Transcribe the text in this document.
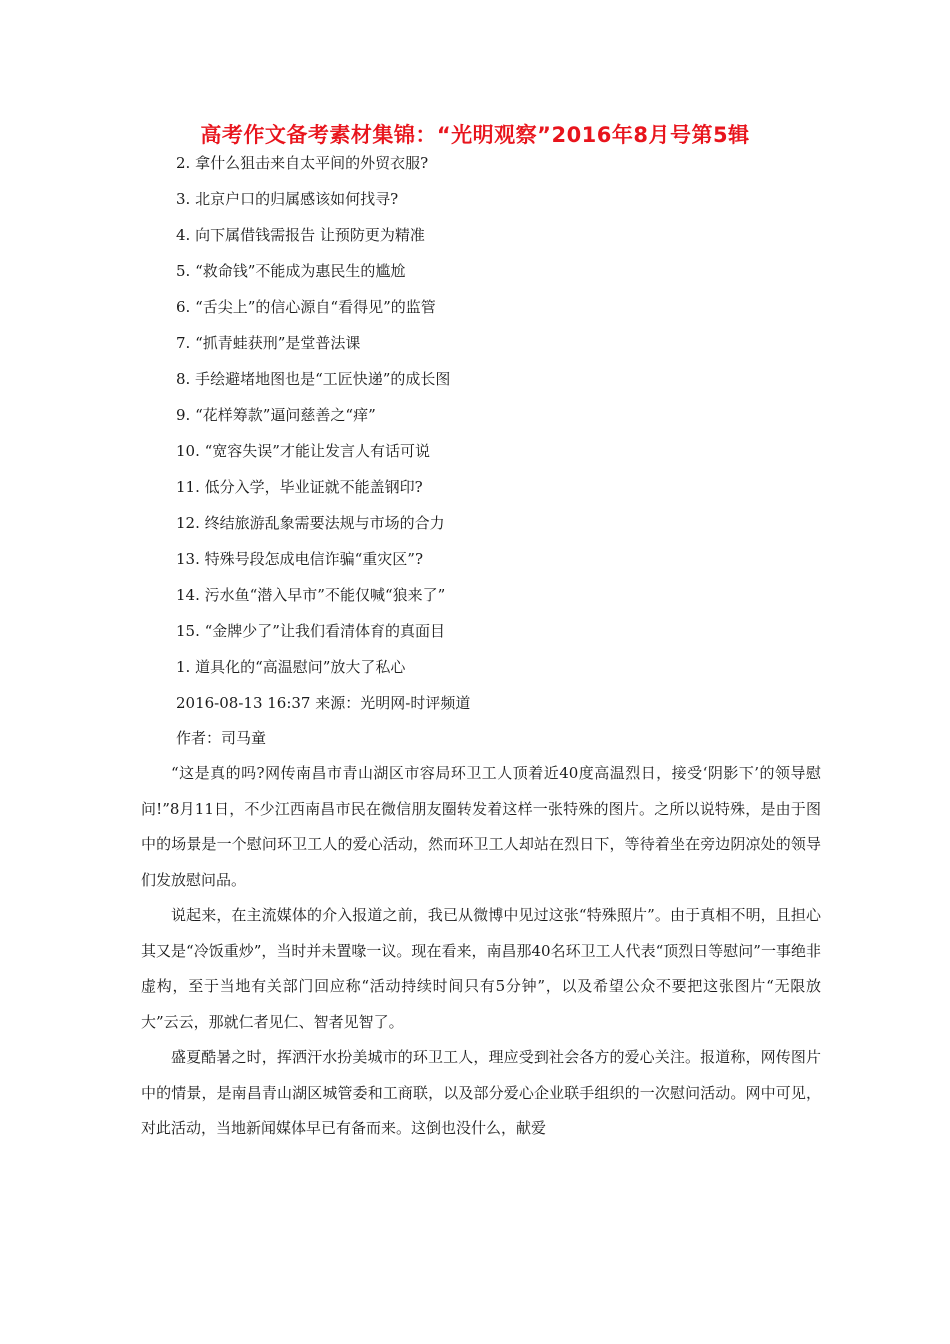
高考作文备考素材集锦：“光明观察”2016年8月号第5辑
2. 拿什么狙击来自太平间的外贸衣服?
3. 北京户口的归属感该如何找寻?
4. 向下属借钱需报告 让预防更为精准
5. “救命钱”不能成为惠民生的尴尬
6. “舌尖上”的信心源自“看得见”的监管
7. “抓青蛙获刑”是堂普法课
8. 手绘避堵地图也是“工匠快递”的成长图
9. “花样筹款”逼问慈善之“痒”
10. “宽容失误”才能让发言人有话可说
11. 低分入学，毕业证就不能盖钢印?
12. 终结旅游乱象需要法规与市场的合力
13. 特殊号段怎成电信诈骗“重灾区”?
14. 污水鱼“潜入早市”不能仅喊“狼来了”
15. “金牌少了”让我们看清体育的真面目
1. 道具化的“高温慰问”放大了私心
2016-08-13 16:37 来源：光明网-时评频道
作者：司马童

“这是真的吗?网传南昌市青山湖区市容局环卫工人顶着近40度高温烈日，接受‘阴影下’的领导慰问!”8月11日，不少江西南昌市民在微信朋友圈转发着这样一张特殊的图片。之所以说特殊，是由于图中的场景是一个慰问环卫工人的爱心活动，然而环卫工人却站在烈日下，等待着坐在旁边阴凉处的领导们发放慰问品。

说起来，在主流媒体的介入报道之前，我已从微博中见过这张“特殊照片”。由于真相不明，且担心其又是“冷饭重炒”，当时并未置喙一议。现在看来，南昌那40名环卫工人代表“顶烈日等慰问”一事绝非虚构，至于当地有关部门回应称“活动持续时间只有5分钟”，以及希望公众不要把这张图片“无限放大”云云，那就仁者见仁、智者见智了。

盛夏酷暑之时，挥洒汗水扮美城市的环卫工人，理应受到社会各方的爱心关注。报道称，网传图片中的情景，是南昌青山湖区城管委和工商联，以及部分爱心企业联手组织的一次慰问活动。网中可见，对此活动，当地新闻媒体早已有备而来。这倒也没什么，献爱
